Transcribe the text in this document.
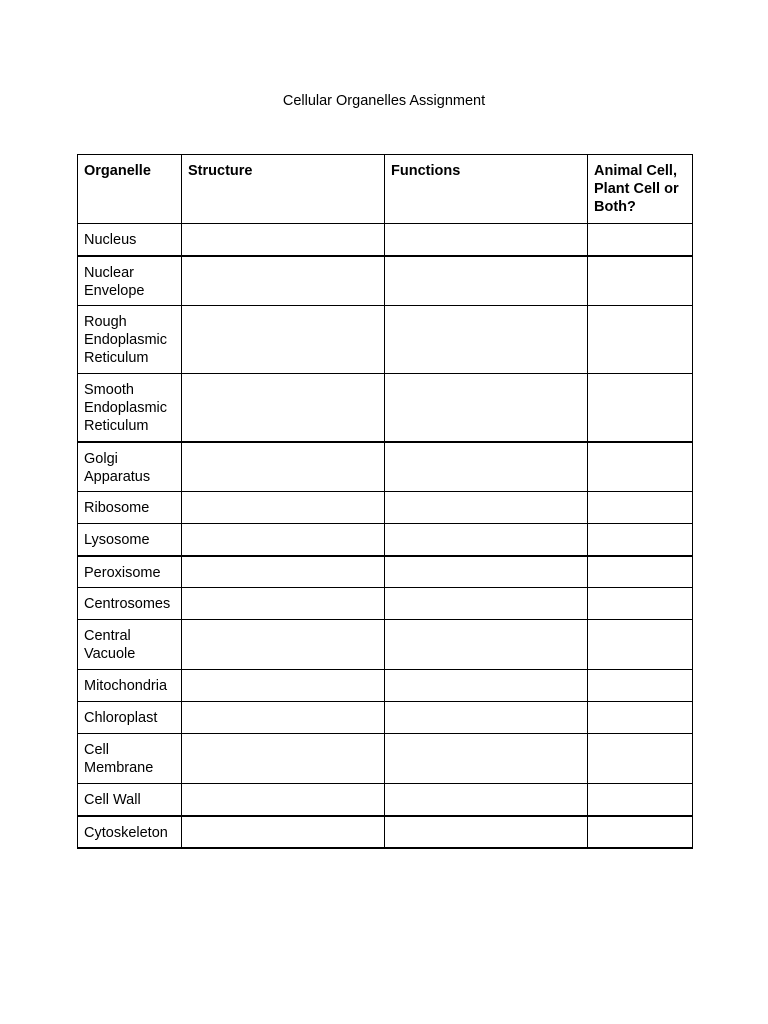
Cellular Organelles Assignment
Organelle	Structure	Functions	Animal Cell, Plant Cell or Both?
Nucleus			
Nuclear Envelope			
Rough Endoplasmic Reticulum			
Smooth Endoplasmic Reticulum			
Golgi Apparatus			
Ribosome			
Lysosome			
Peroxisome			
Centrosomes			
Central Vacuole			
Mitochondria			
Chloroplast			
Cell Membrane			
Cell Wall			
Cytoskeleton			
